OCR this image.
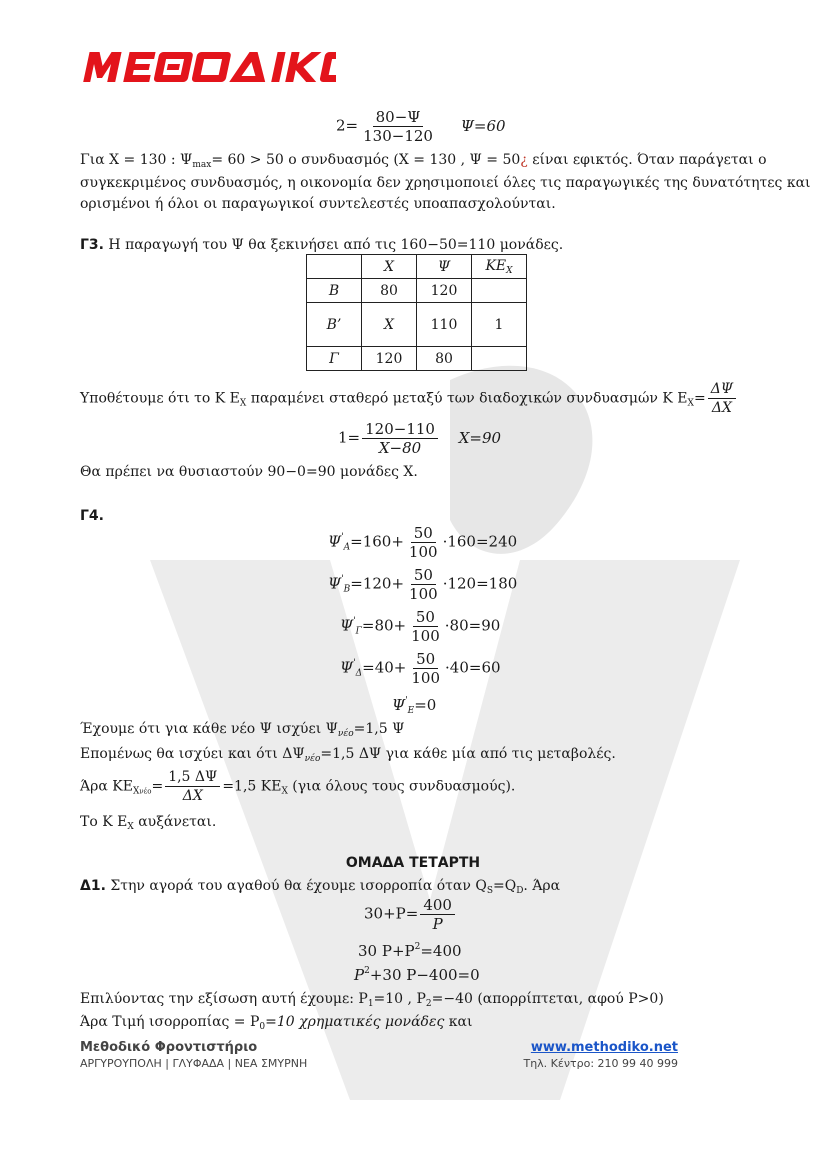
$2= \frac{80-\Psi}{130-120} \Psi=60$
Για X = 130 : $\Psi_{max}= 60 > 50$ ο συνδυασμός (X = 130 , Ψ = 50¿ είναι εφικτός. Όταν παράγεται ο
συγκεκριμένος συνδυασμός, η οικονομία δεν χρησιμοποιεί όλες τις παραγωγικές της δυνατότητες και
ορισμένοι ή όλοι οι παραγωγικοί συντελεστές υποαπασχολούνται.
Γ3. Η παραγωγή του Ψ θα ξεκινήσει από τις 160−50=110 μονάδες.
	X	Ψ	$KE_X$
Β	80	120	
Β’	X	110	1
Γ	120	80	
Υποθέτουμε ότι το K $E_X$ παραμένει σταθερό μεταξύ των διαδοχικών συνδυασμών K $E_X= \frac{\Delta\Psi}{\Delta X}$
$1= \frac{120-110}{X-80} X=90$
Θα πρέπει να θυσιαστούν 90−0=90 μονάδες X.
Γ4.
$\Psi'_A=160+ \frac{50}{100} \cdot 160=240$
$\Psi'_B=120+ \frac{50}{100} \cdot 120=180$
$\Psi'_\Gamma=80+ \frac{50}{100} \cdot 80=90$
$\Psi'_\Delta=40+ \frac{50}{100} \cdot 40=60$
$\Psi'_E=0$
Έχουμε ότι για κάθε νέο Ψ ισχύει $\Psi_{\nu έo}=1,5$ Ψ
Επομένως θα ισχύει και ότι $\Delta\Psi_{\nu έo}=1,5$ ΔΨ για κάθε μία από τις μεταβολές.
Άρα $KE_{X\nu έo}= \frac{1,5 \Delta\Psi}{\Delta X} =1,5$ $KE_X$ (για όλους τους συνδυασμούς).
Το K $E_X$ αυξάνεται.
ΟΜΑΔΑ ΤΕΤΑΡΤΗ
Δ1. Στην αγορά του αγαθού θα έχουμε ισορροπία όταν $Q_S=Q_D$. Άρα
$30+P= \frac{400}{P}$
30 $P+P^2=400$
$P^2+30$ P−400=0
Επιλύοντας την εξίσωση αυτή έχουμε: $P_1=10$ , $P_2=-40$ (απορρίπτεται, αφού P>0)
Άρα Τιμή $\iota\sigma o\rho\rho o\pi ί\alpha\varsigma = P_0=10$ χρηματικές μονάδες και
Μεθοδικό Φροντιστήριο
ΑΡΓΥΡΟΥΠΟΛΗ | ΓΛΥΦΑΔΑ | ΝΕΑ ΣΜΥΡΝΗ
www.methodiko.net
Τηλ. Κέντρο: 210 99 40 999
